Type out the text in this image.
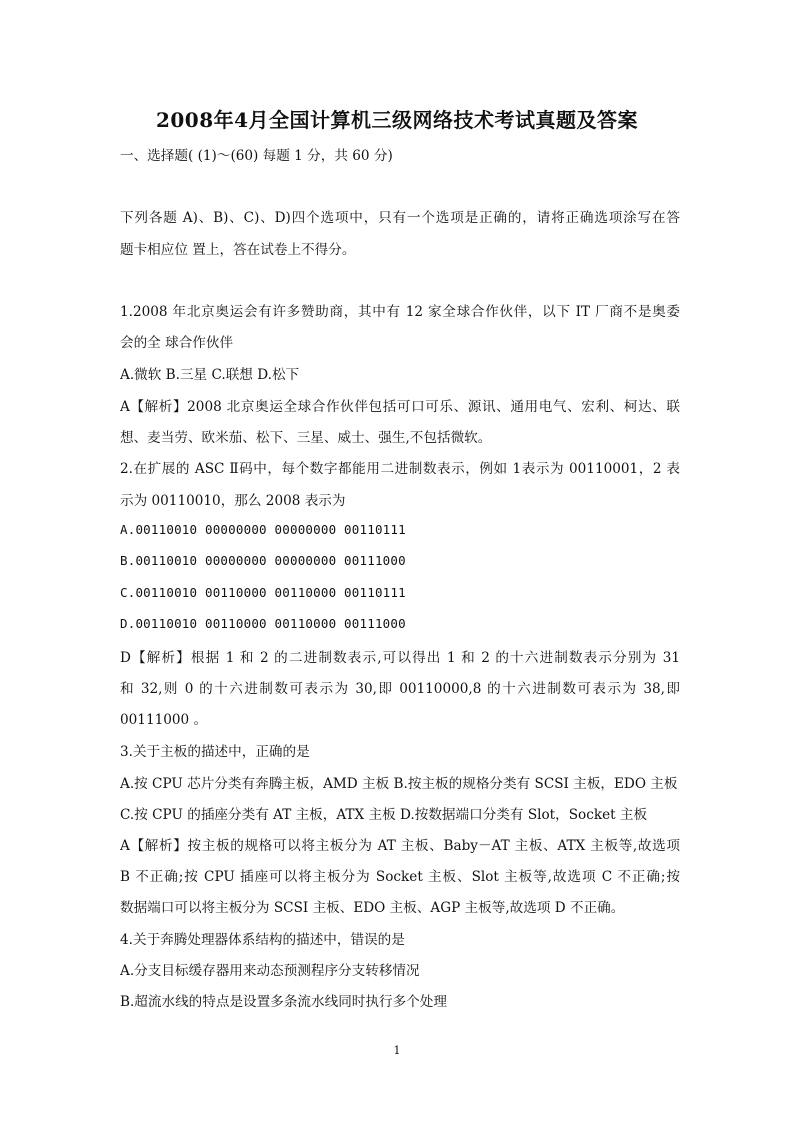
2008年4月全国计算机三级网络技术考试真题及答案
一、选择题( (1)～(60) 每题 1 分，共 60 分)
下列各题 A)、B)、C)、D)四个选项中，只有一个选项是正确的，请将正确选项涂写在答
题卡相应位 置上，答在试卷上不得分。
1.2008 年北京奥运会有许多赞助商，其中有 12 家全球合作伙伴，以下 IT 厂商不是奥委
会的全 球合作伙伴
A.微软 B.三星 C.联想 D.松下
A【解析】2008 北京奥运全球合作伙伴包括可口可乐、源讯、通用电气、宏利、柯达、联
想、麦当劳、欧米茄、松下、三星、威士、强生,不包括微软。
2.在扩展的 ASC Ⅱ码中，每个数字都能用二进制数表示，例如 1表示为 00110001，2 表
示为 00110010，那么 2008 表示为
A.00110010 00000000 00000000 00110111
B.00110010 00000000 00000000 00111000
C.00110010 00110000 00110000 00110111
D.00110010 00110000 00110000 00111000
D【解析】根据 1 和 2 的二进制数表示,可以得出 1 和 2 的十六进制数表示分别为 31
和 32,则 0 的十六进制数可表示为 30,即 00110000,8 的十六进制数可表示为 38,即
00111000 。
3.关于主板的描述中，正确的是
A.按 CPU 芯片分类有奔腾主板，AMD 主板 B.按主板的规格分类有 SCSI 主板，EDO 主板
C.按 CPU 的插座分类有 AT 主板，ATX 主板 D.按数据端口分类有 Slot，Socket 主板
A【解析】按主板的规格可以将主板分为 AT 主板、Baby－AT 主板、ATX 主板等,故选项
B 不正确;按 CPU 插座可以将主板分为 Socket 主板、Slot 主板等,故选项 C 不正确;按
数据端口可以将主板分为 SCSI 主板、EDO 主板、AGP 主板等,故选项 D 不正确。
4.关于奔腾处理器体系结构的描述中，错误的是
A.分支目标缓存器用来动态预测程序分支转移情况
B.超流水线的特点是设置多条流水线同时执行多个处理
1
